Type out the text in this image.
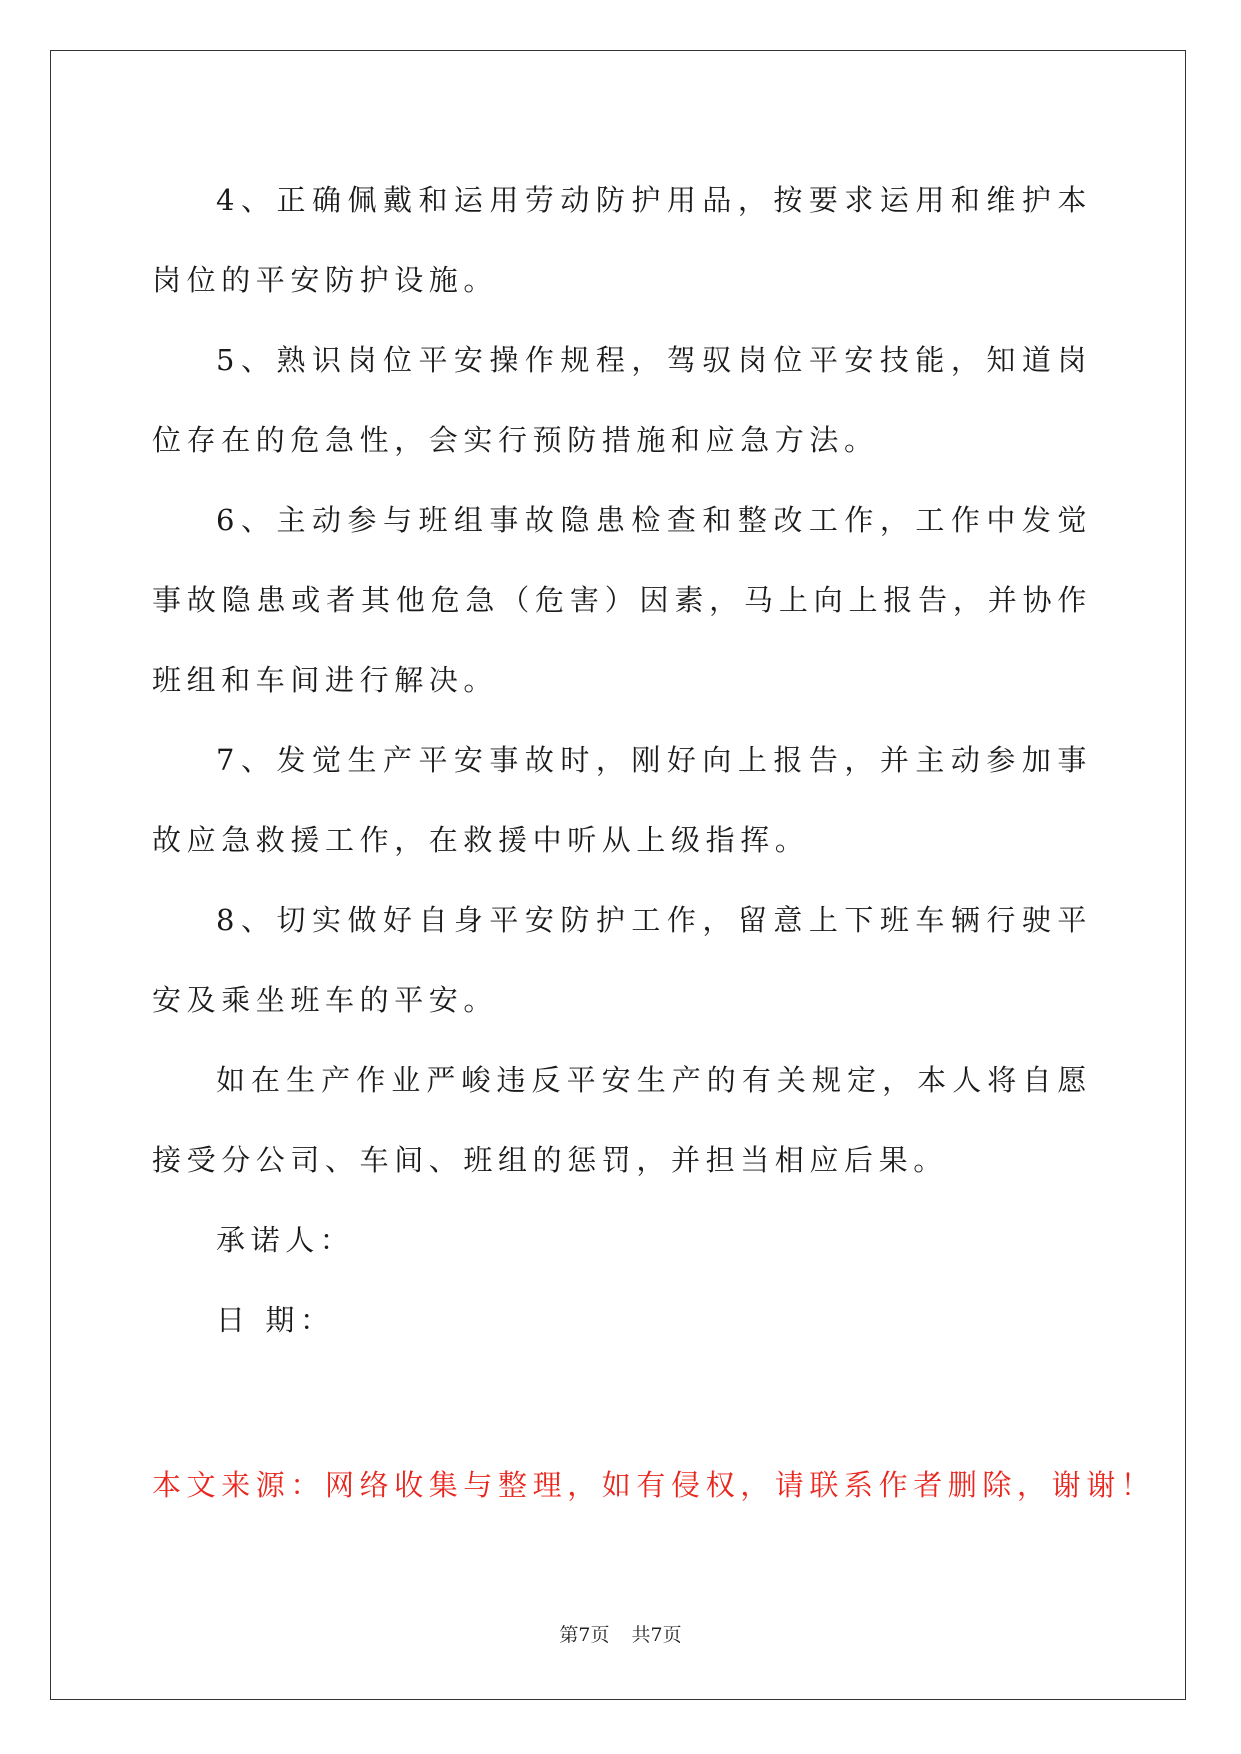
4、正确佩戴和运用劳动防护用品，按要求运用和维护本岗位的平安防护设施。

5、熟识岗位平安操作规程，驾驭岗位平安技能，知道岗位存在的危急性，会实行预防措施和应急方法。

6、主动参与班组事故隐患检查和整改工作，工作中发觉事故隐患或者其他危急（危害）因素，马上向上报告，并协作班组和车间进行解决。

7、发觉生产平安事故时，刚好向上报告，并主动参加事故应急救援工作，在救援中听从上级指挥。

8、切实做好自身平安防护工作，留意上下班车辆行驶平安及乘坐班车的平安。

如在生产作业严峻违反平安生产的有关规定，本人将自愿接受分公司、车间、班组的惩罚，并担当相应后果。

承诺人：

日 期：

本文来源：网络收集与整理，如有侵权，请联系作者删除，谢谢！

第7页 共7页
